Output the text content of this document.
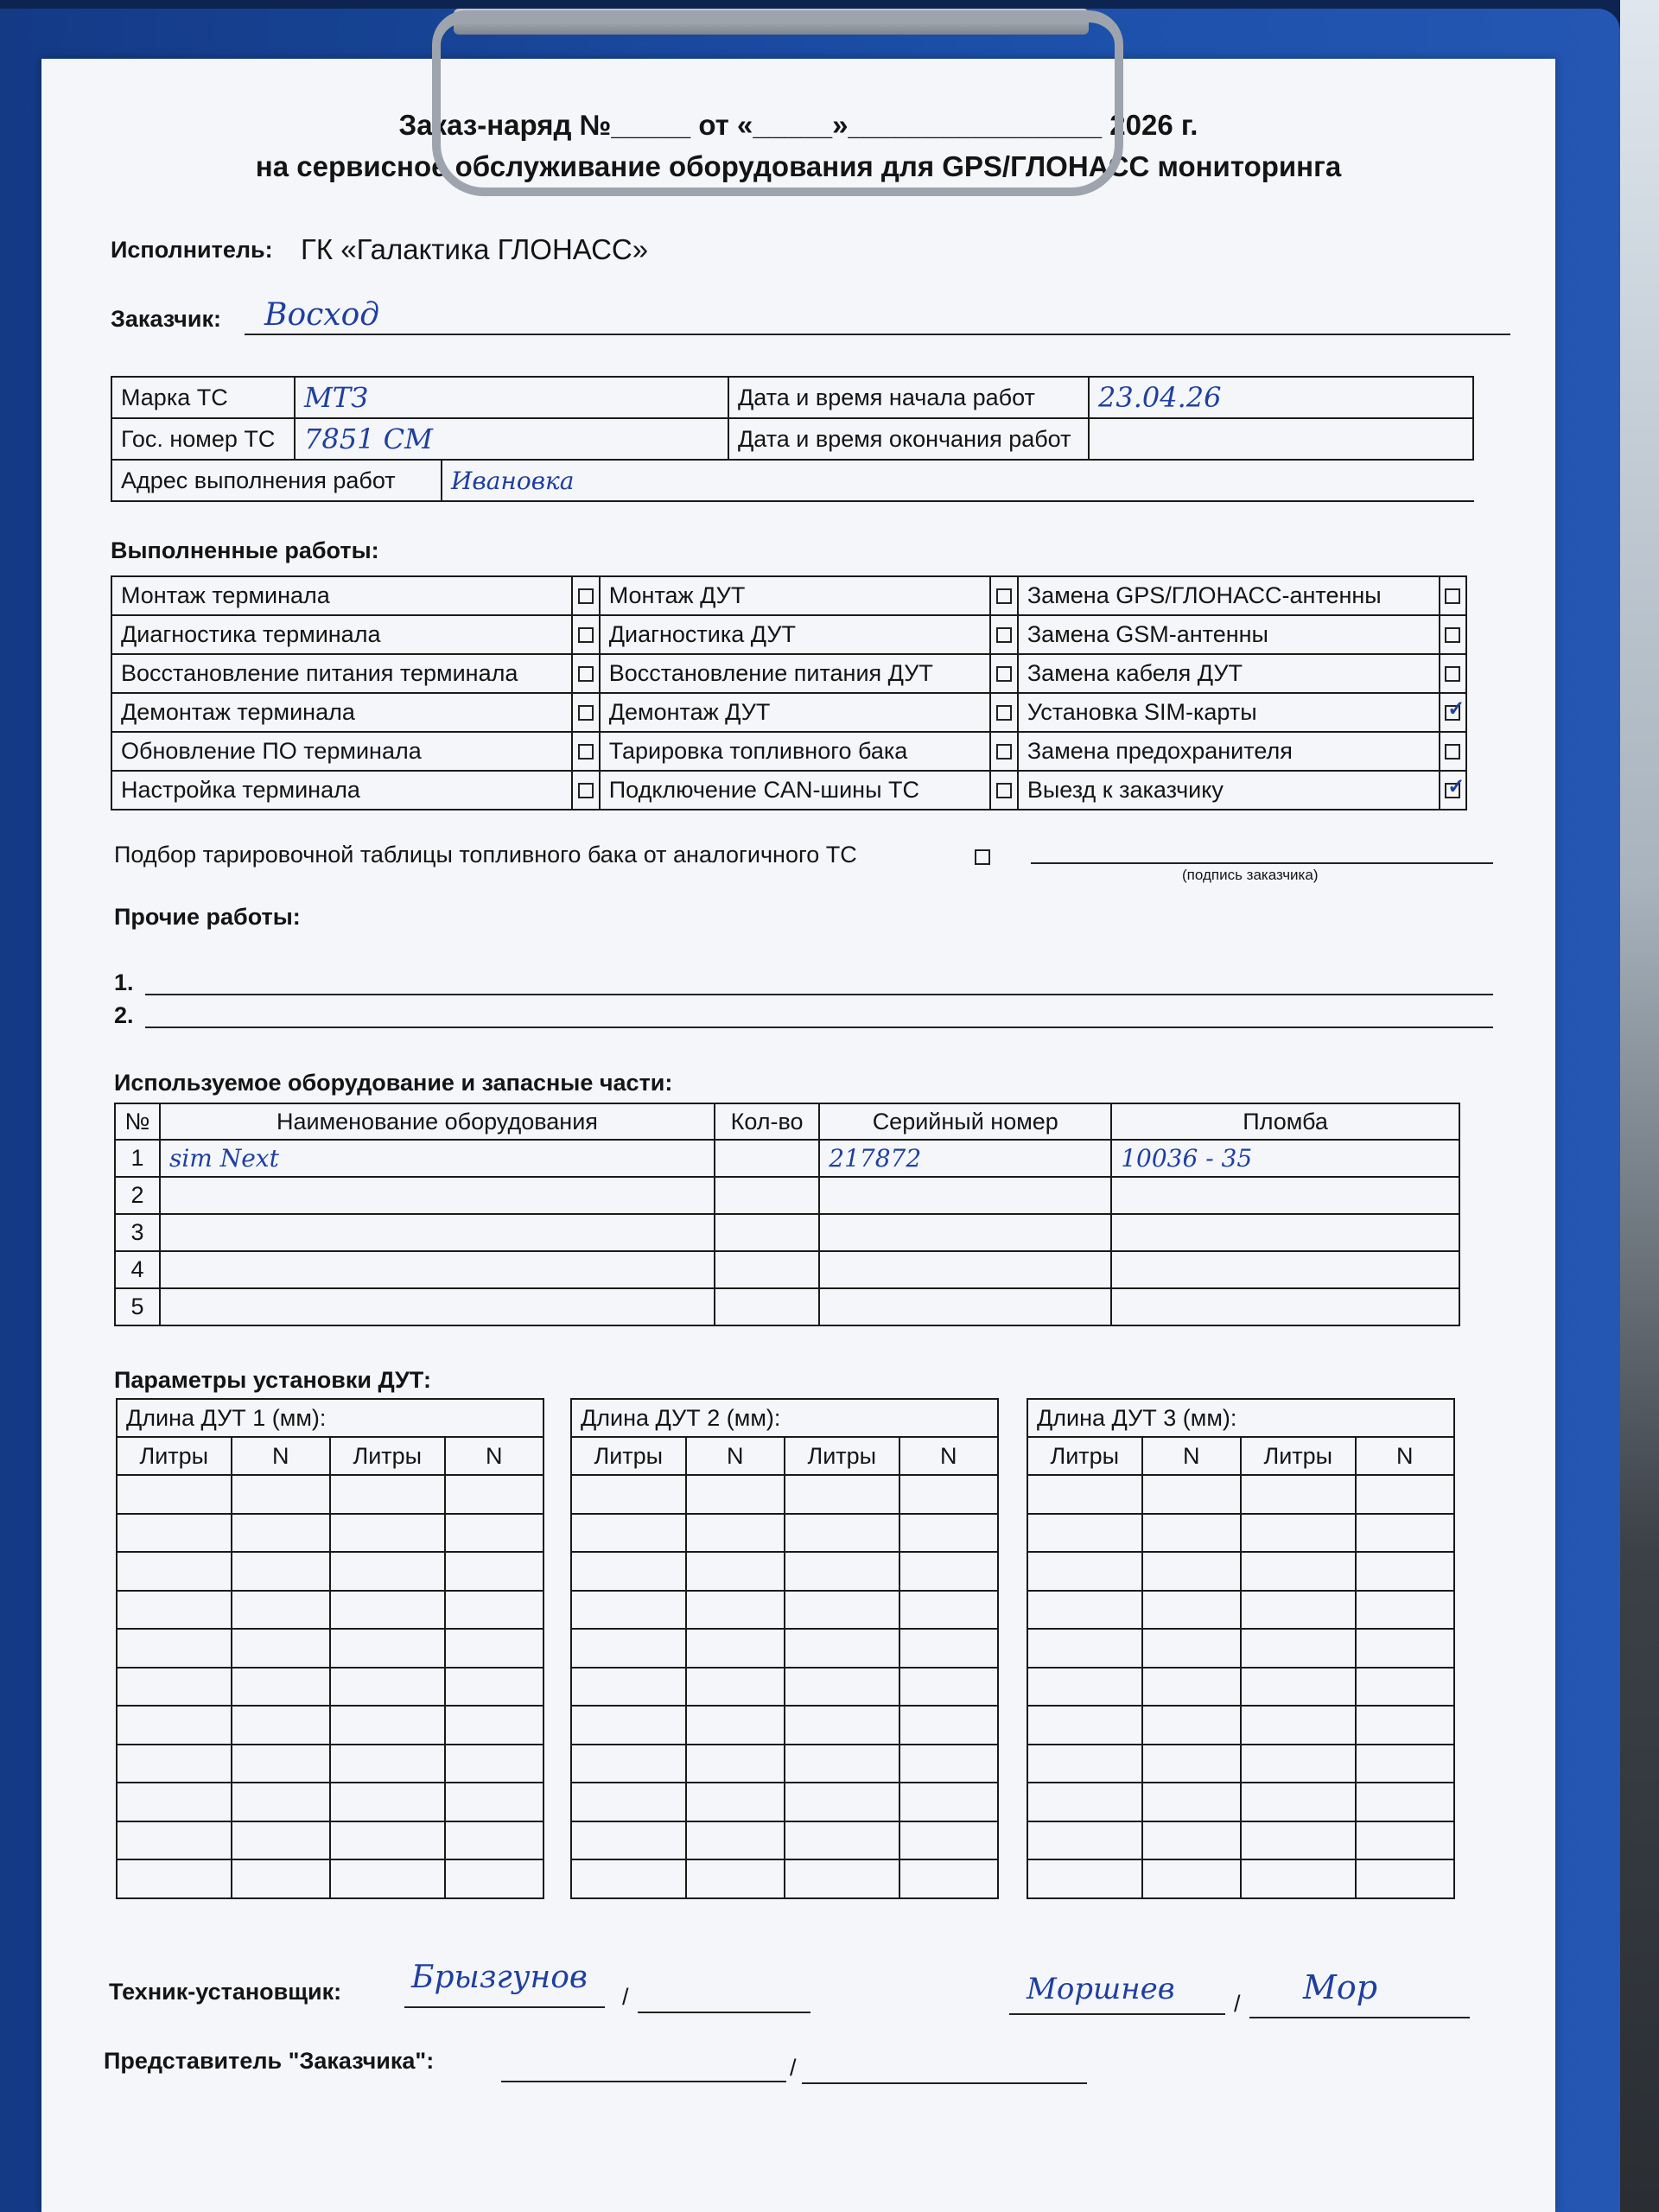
Заказ-наряд №_____ от «_____»________________ 2026 г.
на сервисное обслуживание оборудования для GPS/ГЛОНАСС мониторинга
Исполнитель: ГК «Галактика ГЛОНАСС»
Заказчик: Восход
Марка ТС	МТЗ	Дата и время начала работ	23.04.26
Гос. номер ТС	7851 СМ	Дата и время окончания работ	
Адрес выполнения работ	Ивановка
Выполненные работы:
Монтаж терминала		Монтаж ДУТ		Замена GPS/ГЛОНАСС-антенны	
Диагностика терминала		Диагностика ДУТ		Замена GSM-антенны	
Восстановление питания терминала		Восстановление питания ДУТ		Замена кабеля ДУТ	
Демонтаж терминала		Демонтаж ДУТ		Установка SIM-карты	✓
Обновление ПО терминала		Тарировка топливного бака		Замена предохранителя	
Настройка терминала		Подключение CAN-шины ТС		Выезд к заказчику	✓
Подбор тарировочной таблицы топливного бака от аналогичного ТС
(подпись заказчика)
Прочие работы:
1.
2.
Используемое оборудование и запасные части:
№	Наименование оборудования	Кол-во	Серийный номер	Пломба
1	sim Next		217872	10036 - 35
2				
3				
4				
5				
Параметры установки ДУТ:
Длина ДУТ 1 (мм):			
Литры	N	Литры	N

Длина ДУТ 2 (мм):			
Литры	N	Литры	N

Длина ДУТ 3 (мм):			
Литры	N	Литры	N

Техник-установщик: Брызгунов
/	Моршнев	/ Мор
Представитель "Заказчика":	/
